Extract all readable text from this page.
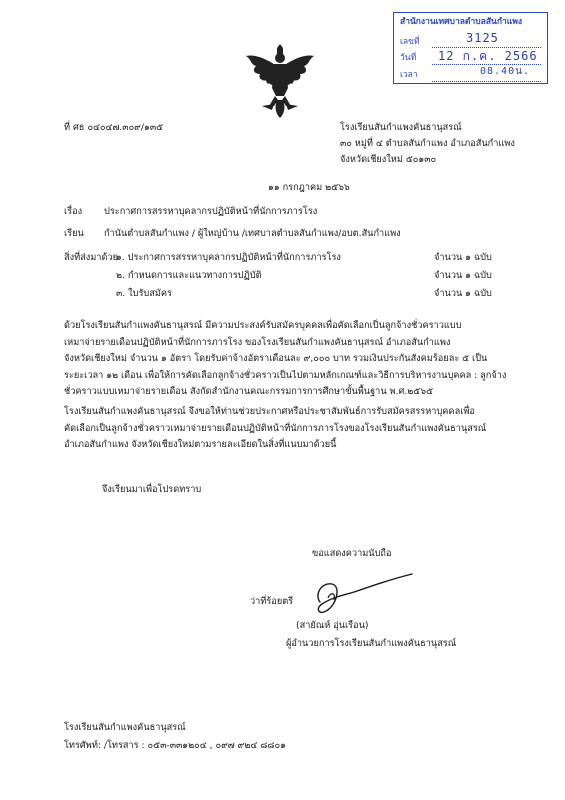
สำนักงานเทศบาลตำบลสันกำแพง
เลขที่	3125
วันที่ 12 ก.ค. 2566
เวลา	08.40น.
ที่ ศธ ๐๔๐๔๗.๓๐๙/๑๓๕	โรงเรียนสันกำแพงคันธานุสรณ์
๓๐ หมู่ที่ ๔ ตำบลสันกำแพง อำเภอสันกำแพง
จังหวัดเชียงใหม่ ๕๐๑๓๐
๑๑ กรกฎาคม ๒๕๖๖
เรื่อง ประกาศการสรรหาบุคลากรปฏิบัติหน้าที่นักการภารโรง
เรียน กำนันตำบลสันกำแพง / ผู้ใหญ่บ้าน /เทศบาลตำบลสันกำแพง/อบต.สันกำแพง
สิ่งที่ส่งมาด้วย
๑. ประกาศการสรรหาบุคลากรปฏิบัติหน้าที่นักการภารโรง	จำนวน ๑ ฉบับ
๒. กำหนดการและแนวทางการปฏิบัติ	จำนวน ๑ ฉบับ
๓. ใบรับสมัคร	จำนวน ๑ ฉบับ
ด้วยโรงเรียนสันกำแพงคันธานุสรณ์ มีความประสงค์รับสมัครบุคคลเพื่อคัดเลือกเป็นลูกจ้างชั่วคราวแบบ
เหมาจ่ายรายเดือนปฏิบัติหน้าที่นักการภารโรง ของโรงเรียนสันกำแพงคันธานุสรณ์ อำเภอสันกำแพง
จังหวัดเชียงใหม่ จำนวน ๑ อัตรา โดยรับค่าจ้างอัตราเดือนละ ๙,๐๐๐ บาท รวมเงินประกันสังคมร้อยละ ๕ เป็น
ระยะเวลา ๑๒ เดือน เพื่อให้การคัดเลือกลูกจ้างชั่วคราวเป็นไปตามหลักเกณฑ์และวิธีการบริหารงานบุคคล : ลูกจ้าง
ชั่วคราวแบบเหมาจ่ายรายเดือน สังกัดสำนักงานคณะกรรมการการศึกษาขั้นพื้นฐาน พ.ศ.๒๕๖๕
โรงเรียนสันกำแพงคันธานุสรณ์ จึงขอให้ท่านช่วยประกาศหรือประชาสัมพันธ์การรับสมัครสรรหาบุคคลเพื่อ
คัดเลือกเป็นลูกจ้างชั่วคราวเหมาจ่ายรายเดือนปฏิบัติหน้าที่นักการภารโรงของโรงเรียนสันกำแพงคันธานุสรณ์
อำเภอสันกำแพง จังหวัดเชียงใหม่ตามรายละเอียดในสิ่งที่แนบมาด้วยนี้
จึงเรียนมาเพื่อโปรดทราบ
ขอแสดงความนับถือ
ว่าที่ร้อยตรี
(สายัณห์ อุ่นเรือน)
ผู้อำนวยการโรงเรียนสันกำแพงคันธานุสรณ์
โรงเรียนสันกำแพงคันธานุสรณ์
โทรศัพท์: /โทรสาร : ๐๕๓-๓๓๑๒๐๔ , ๐๙๗ ๙๒๔ ๘๘๐๑
